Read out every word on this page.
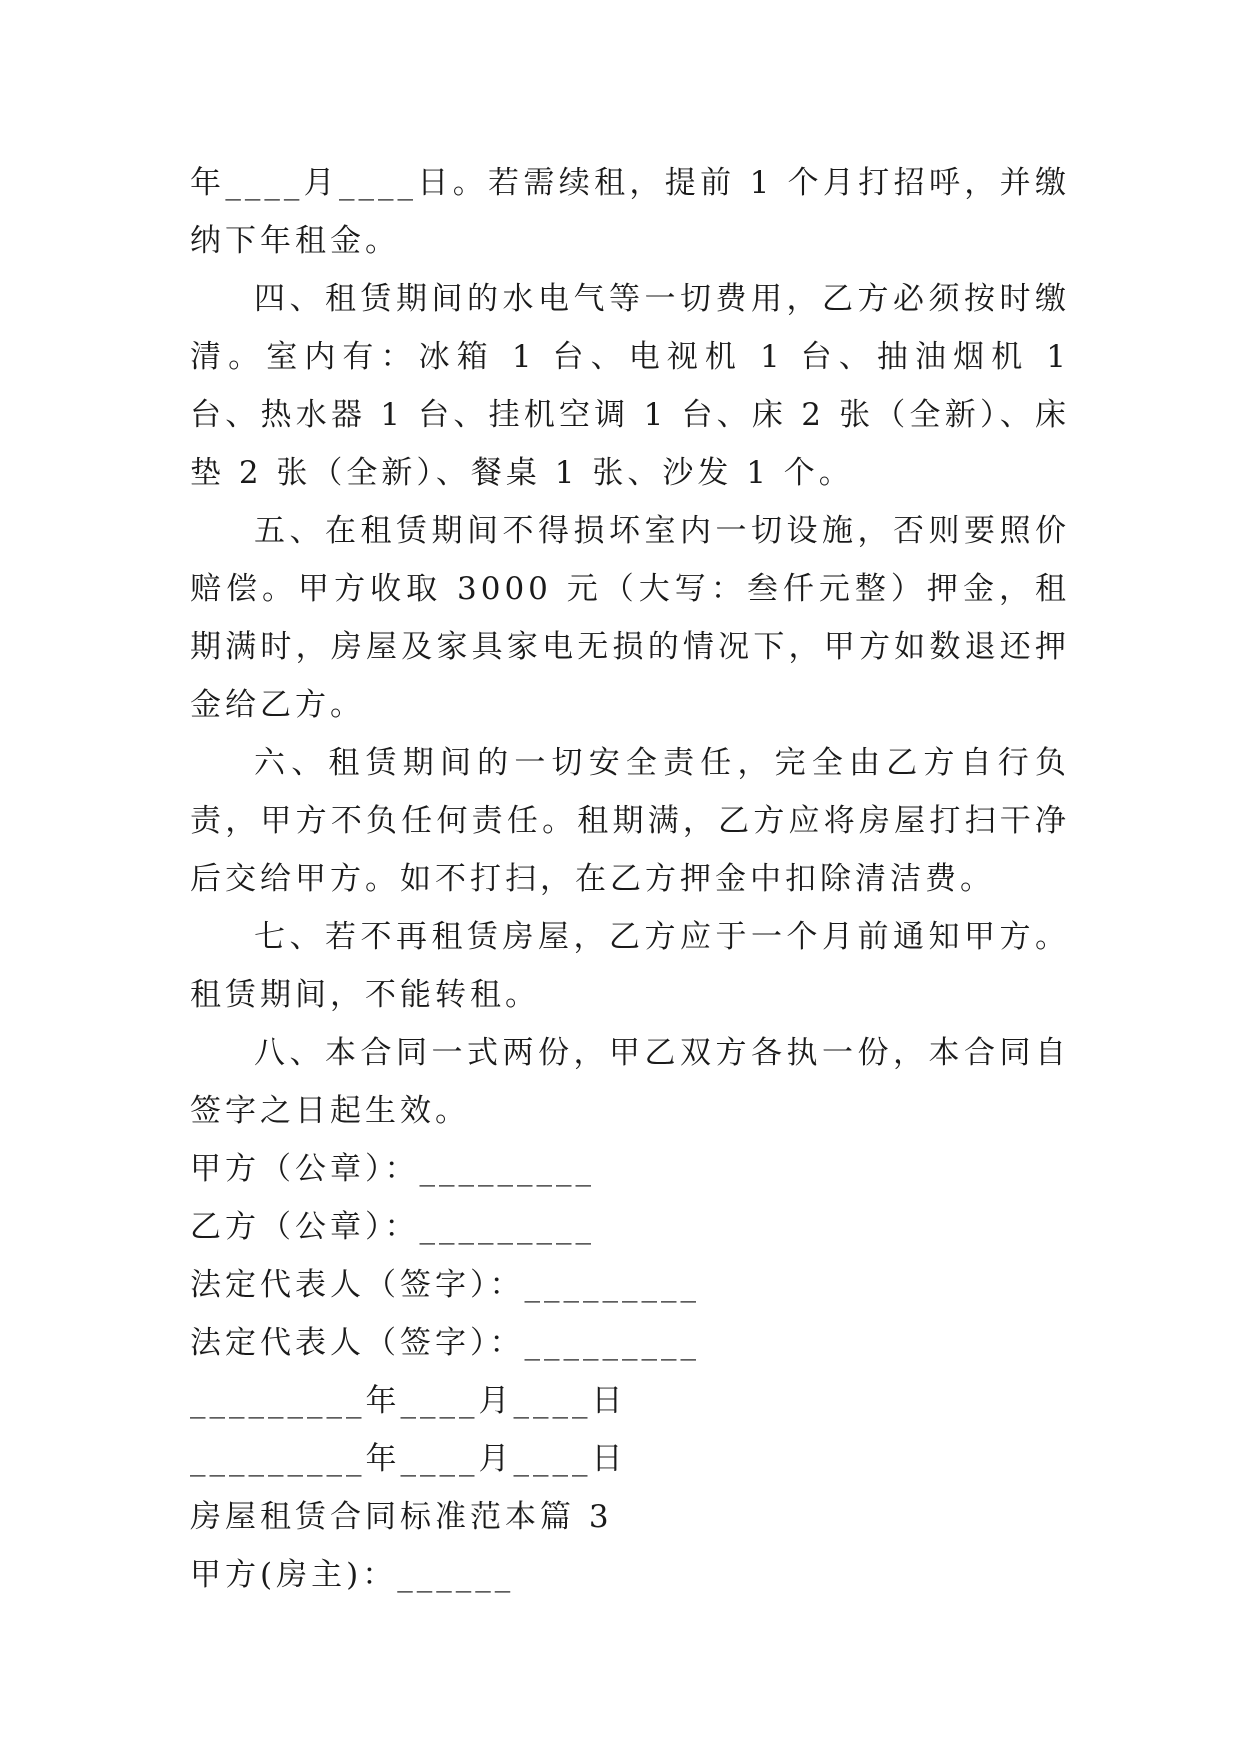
年____月____日。若需续租，提前 1 个月打招呼，并缴纳下年租金。

四、租赁期间的水电气等一切费用，乙方必须按时缴清。室内有：冰箱 1 台、电视机 1 台、抽油烟机 1 台、热水器 1 台、挂机空调 1 台、床 2 张（全新）、床垫 2 张（全新）、餐桌 1 张、沙发 1 个。

五、在租赁期间不得损坏室内一切设施，否则要照价赔偿。甲方收取 3000 元（大写：叁仟元整）押金，租期满时，房屋及家具家电无损的情况下，甲方如数退还押金给乙方。

六、租赁期间的一切安全责任，完全由乙方自行负责，甲方不负任何责任。租期满，乙方应将房屋打扫干净后交给甲方。如不打扫，在乙方押金中扣除清洁费。

七、若不再租赁房屋，乙方应于一个月前通知甲方。租赁期间，不能转租。

八、本合同一式两份，甲乙双方各执一份，本合同自签字之日起生效。

甲方（公章）：_________

乙方（公章）：_________

法定代表人（签字）：_________

法定代表人（签字）：_________

_________年____月____日

_________年____月____日

房屋租赁合同标准范本篇 3

甲方(房主)：______
